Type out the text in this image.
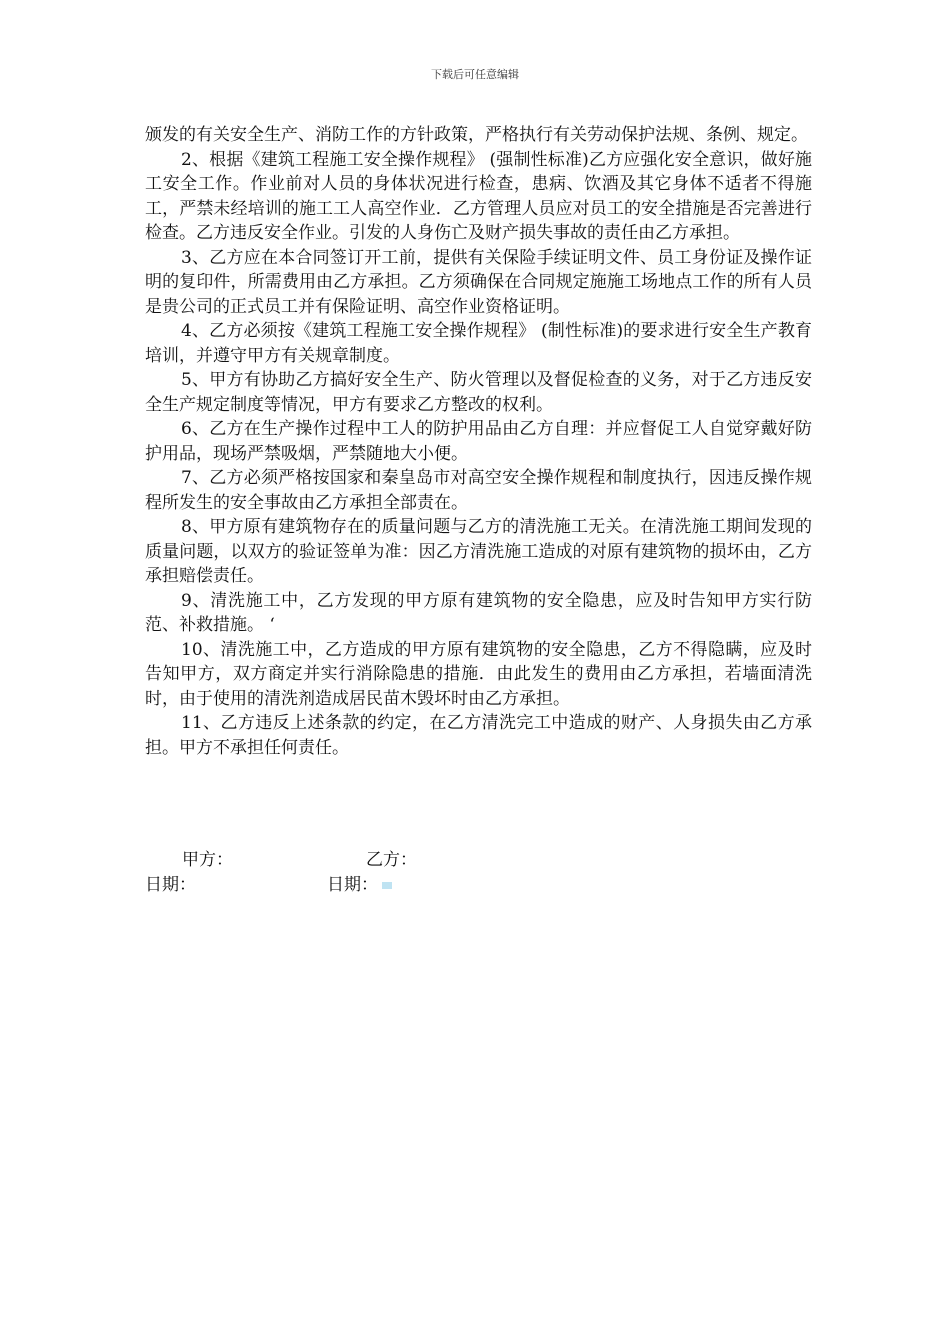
下载后可任意编辑

颁发的有关安全生产、消防工作的方针政策，严格执行有关劳动保护法规、条例、规定。

2、根据《建筑工程施工安全操作规程》 (强制性标准)乙方应强化安全意识，做好施工安全工作。作业前对人员的身体状况进行检查，患病、饮酒及其它身体不适者不得施工，严禁未经培训的施工工人高空作业．乙方管理人员应对员工的安全措施是否完善进行检查。乙方违反安全作业。引发的人身伤亡及财产损失事故的责任由乙方承担。

3、乙方应在本合同签订开工前，提供有关保险手续证明文件、员工身份证及操作证明的复印件，所需费用由乙方承担。乙方须确保在合同规定施施工场地点工作的所有人员是贵公司的正式员工并有保险证明、高空作业资格证明。

4、乙方必须按《建筑工程施工安全操作规程》 (制性标准)的要求进行安全生产教育培训，并遵守甲方有关规章制度。

5、甲方有协助乙方搞好安全生产、防火管理以及督促检查的义务，对于乙方违反安全生产规定制度等情况，甲方有要求乙方整改的权利。

6、乙方在生产操作过程中工人的防护用品由乙方自理：并应督促工人自觉穿戴好防护用品，现场严禁吸烟，严禁随地大小便。

7、乙方必须严格按国家和秦皇岛市对高空安全操作规程和制度执行，因违反操作规程所发生的安全事故由乙方承担全部责在。

8、甲方原有建筑物存在的质量问题与乙方的清洗施工无关。在清洗施工期间发现的质量问题，以双方的验证签单为准：因乙方清洗施工造成的对原有建筑物的损坏由，乙方承担赔偿责任。

9、清洗施工中，乙方发现的甲方原有建筑物的安全隐患，应及时告知甲方实行防范、补救措施。 ‘

10、清洗施工中，乙方造成的甲方原有建筑物的安全隐患，乙方不得隐瞒，应及时告知甲方，双方商定并实行消除隐患的措施．由此发生的费用由乙方承担，若墙面清洗时，由于使用的清洗剂造成居民苗木毁坏时由乙方承担。

11、乙方违反上述条款的约定，在乙方清洗完工中造成的财产、人身损失由乙方承担。甲方不承担任何责任。

甲方：	乙方：
日期：	日期：
